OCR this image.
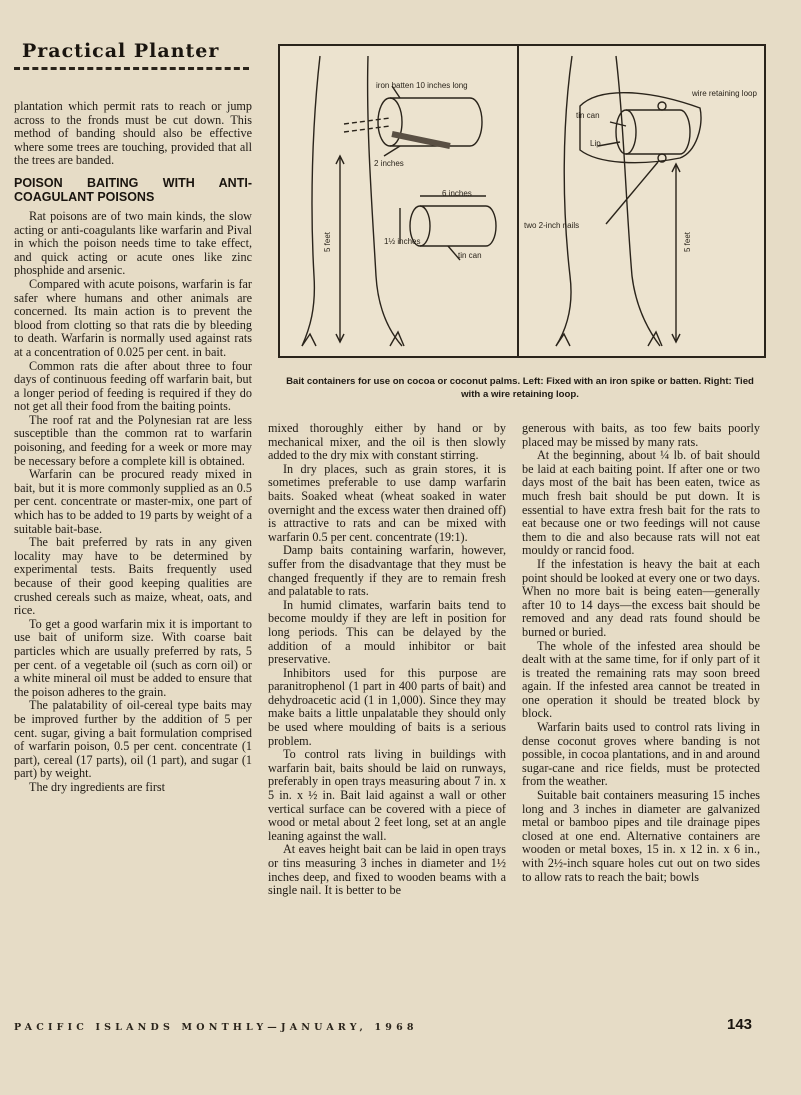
Practical Planter

plantation which permit rats to reach or jump across to the fronds must be cut down. This method of banding should also be effective where some trees are touching, provided that all the trees are banded.

POISON BAITING WITH ANTI-COAGULANT POISONS

Rat poisons are of two main kinds, the slow acting or anti-coagulants like warfarin and Pival in which the poison needs time to take effect, and quick acting or acute ones like zinc phosphide and arsenic.

Compared with acute poisons, warfarin is far safer where humans and other animals are concerned. Its main action is to prevent the blood from clotting so that rats die by bleeding to death. Warfarin is normally used against rats at a concentration of 0.025 per cent. in bait.

Common rats die after about three to four days of continuous feeding off warfarin bait, but a longer period of feeding is required if they do not get all their food from the baiting points.

The roof rat and the Polynesian rat are less susceptible than the common rat to warfarin poisoning, and feeding for a week or more may be necessary before a complete kill is obtained.

Warfarin can be procured ready mixed in bait, but it is more commonly supplied as an 0.5 per cent. concentrate or master-mix, one part of which has to be added to 19 parts by weight of a suitable bait-base.

The bait preferred by rats in any given locality may have to be determined by experimental tests. Baits frequently used because of their good keeping qualities are crushed cereals such as maize, wheat, oats, and rice.

To get a good warfarin mix it is important to use bait of uniform size. With coarse bait particles which are usually preferred by rats, 5 per cent. of a vegetable oil (such as corn oil) or a white mineral oil must be added to ensure that the poison adheres to the grain.

The palatability of oil-cereal type baits may be improved further by the addition of 5 per cent. sugar, giving a bait formulation comprised of warfarin poison, 0.5 per cent. concentrate (1 part), cereal (17 parts), oil (1 part), and sugar (1 part) by weight.

The dry ingredients are first

iron batten 10 inches long
2 inches
6 inches
1½ inches
tin can
5 feet
tin can
wire retaining loop
Lip
two 2-inch nails
5 feet
Bait containers for use on cocoa or coconut palms. Left: Fixed with an iron spike or batten. Right: Tied with a wire retaining loop.

mixed thoroughly either by hand or by mechanical mixer, and the oil is then slowly added to the dry mix with constant stirring.

In dry places, such as grain stores, it is sometimes preferable to use damp warfarin baits. Soaked wheat (wheat soaked in water overnight and the excess water then drained off) is attractive to rats and can be mixed with warfarin 0.5 per cent. concentrate (19:1).

Damp baits containing warfarin, however, suffer from the disadvantage that they must be changed frequently if they are to remain fresh and palatable to rats.

In humid climates, warfarin baits tend to become mouldy if they are left in position for long periods. This can be delayed by the addition of a mould inhibitor or bait preservative.

Inhibitors used for this purpose are paranitrophenol (1 part in 400 parts of bait) and dehydroacetic acid (1 in 1,000). Since they may make baits a little unpalatable they should only be used where moulding of baits is a serious problem.

To control rats living in buildings with warfarin bait, baits should be laid on runways, preferably in open trays measuring about 7 in. x 5 in. x ½ in. Bait laid against a wall or other vertical surface can be covered with a piece of wood or metal about 2 feet long, set at an angle leaning against the wall.

At eaves height bait can be laid in open trays or tins measuring 3 inches in diameter and 1½ inches deep, and fixed to wooden beams with a single nail. It is better to be

generous with baits, as too few baits poorly placed may be missed by many rats.

At the beginning, about ¼ lb. of bait should be laid at each baiting point. If after one or two days most of the bait has been eaten, twice as much fresh bait should be put down. It is essential to have extra fresh bait for the rats to eat because one or two feedings will not cause them to die and also because rats will not eat mouldy or rancid food.

If the infestation is heavy the bait at each point should be looked at every one or two days. When no more bait is being eaten—generally after 10 to 14 days—the excess bait should be removed and any dead rats found should be burned or buried.

The whole of the infested area should be dealt with at the same time, for if only part of it is treated the remaining rats may soon breed again. If the infested area cannot be treated in one operation it should be treated block by block.

Warfarin baits used to control rats living in dense coconut groves where banding is not possible, in cocoa plantations, and in and around sugar-cane and rice fields, must be protected from the weather.

Suitable bait containers measuring 15 inches long and 3 inches in diameter are galvanized metal or bamboo pipes and tile drainage pipes closed at one end. Alternative containers are wooden or metal boxes, 15 in. x 12 in. x 6 in., with 2½-inch square holes cut out on two sides to allow rats to reach the bait; bowls

PACIFIC ISLANDS MONTHLY—JANUARY, 1968	143
